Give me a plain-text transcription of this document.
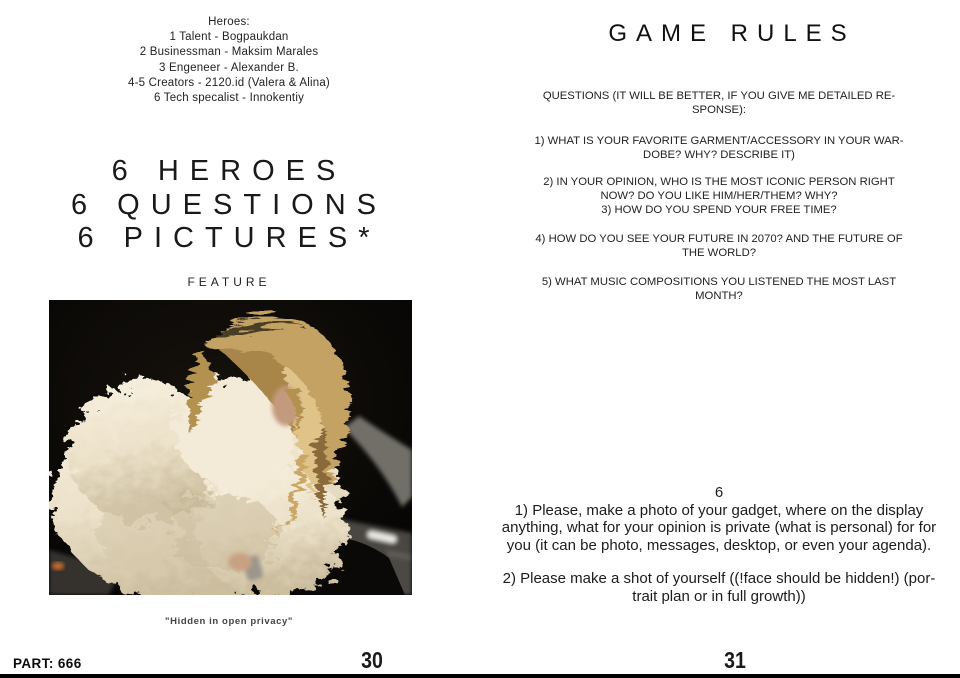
Heroes:
1 Talent - Bogpaukdan
2 Businessman - Maksim Marales
3 Engeneer - Alexander B.
4-5 Creators - 2120.id (Valera & Alina)
6 Tech specalist - Innokentiy
6 HEROES
6 QUESTIONS
6 PICTURES*
FEATURE
"Hidden in open privacy"
30
GAME RULES
QUESTIONS (IT WILL BE BETTER, IF YOU GIVE ME DETAILED RE-
SPONSE):
1) WHAT IS YOUR FAVORITE GARMENT/ACCESSORY IN YOUR WAR-
DOBE? WHY? DESCRIBE IT)
2) IN YOUR OPINION, WHO IS THE MOST ICONIC PERSON RIGHT
NOW? DO YOU LIKE HIM/HER/THEM? WHY?
3) HOW DO YOU SPEND YOUR FREE TIME?
4) HOW DO YOU SEE YOUR FUTURE IN 2070? AND THE FUTURE OF
THE WORLD?
5) WHAT MUSIC COMPOSITIONS YOU LISTENED THE MOST LAST
MONTH?
6
1) Please, make a photo of your gadget, where on the display
anything, what for your opinion is private (what is personal) for for
you (it can be photo, messages, desktop, or even your agenda).
2) Please make a shot of yourself ((!face should be hidden!) (por-
trait plan or in full growth))
31
PART: 666
